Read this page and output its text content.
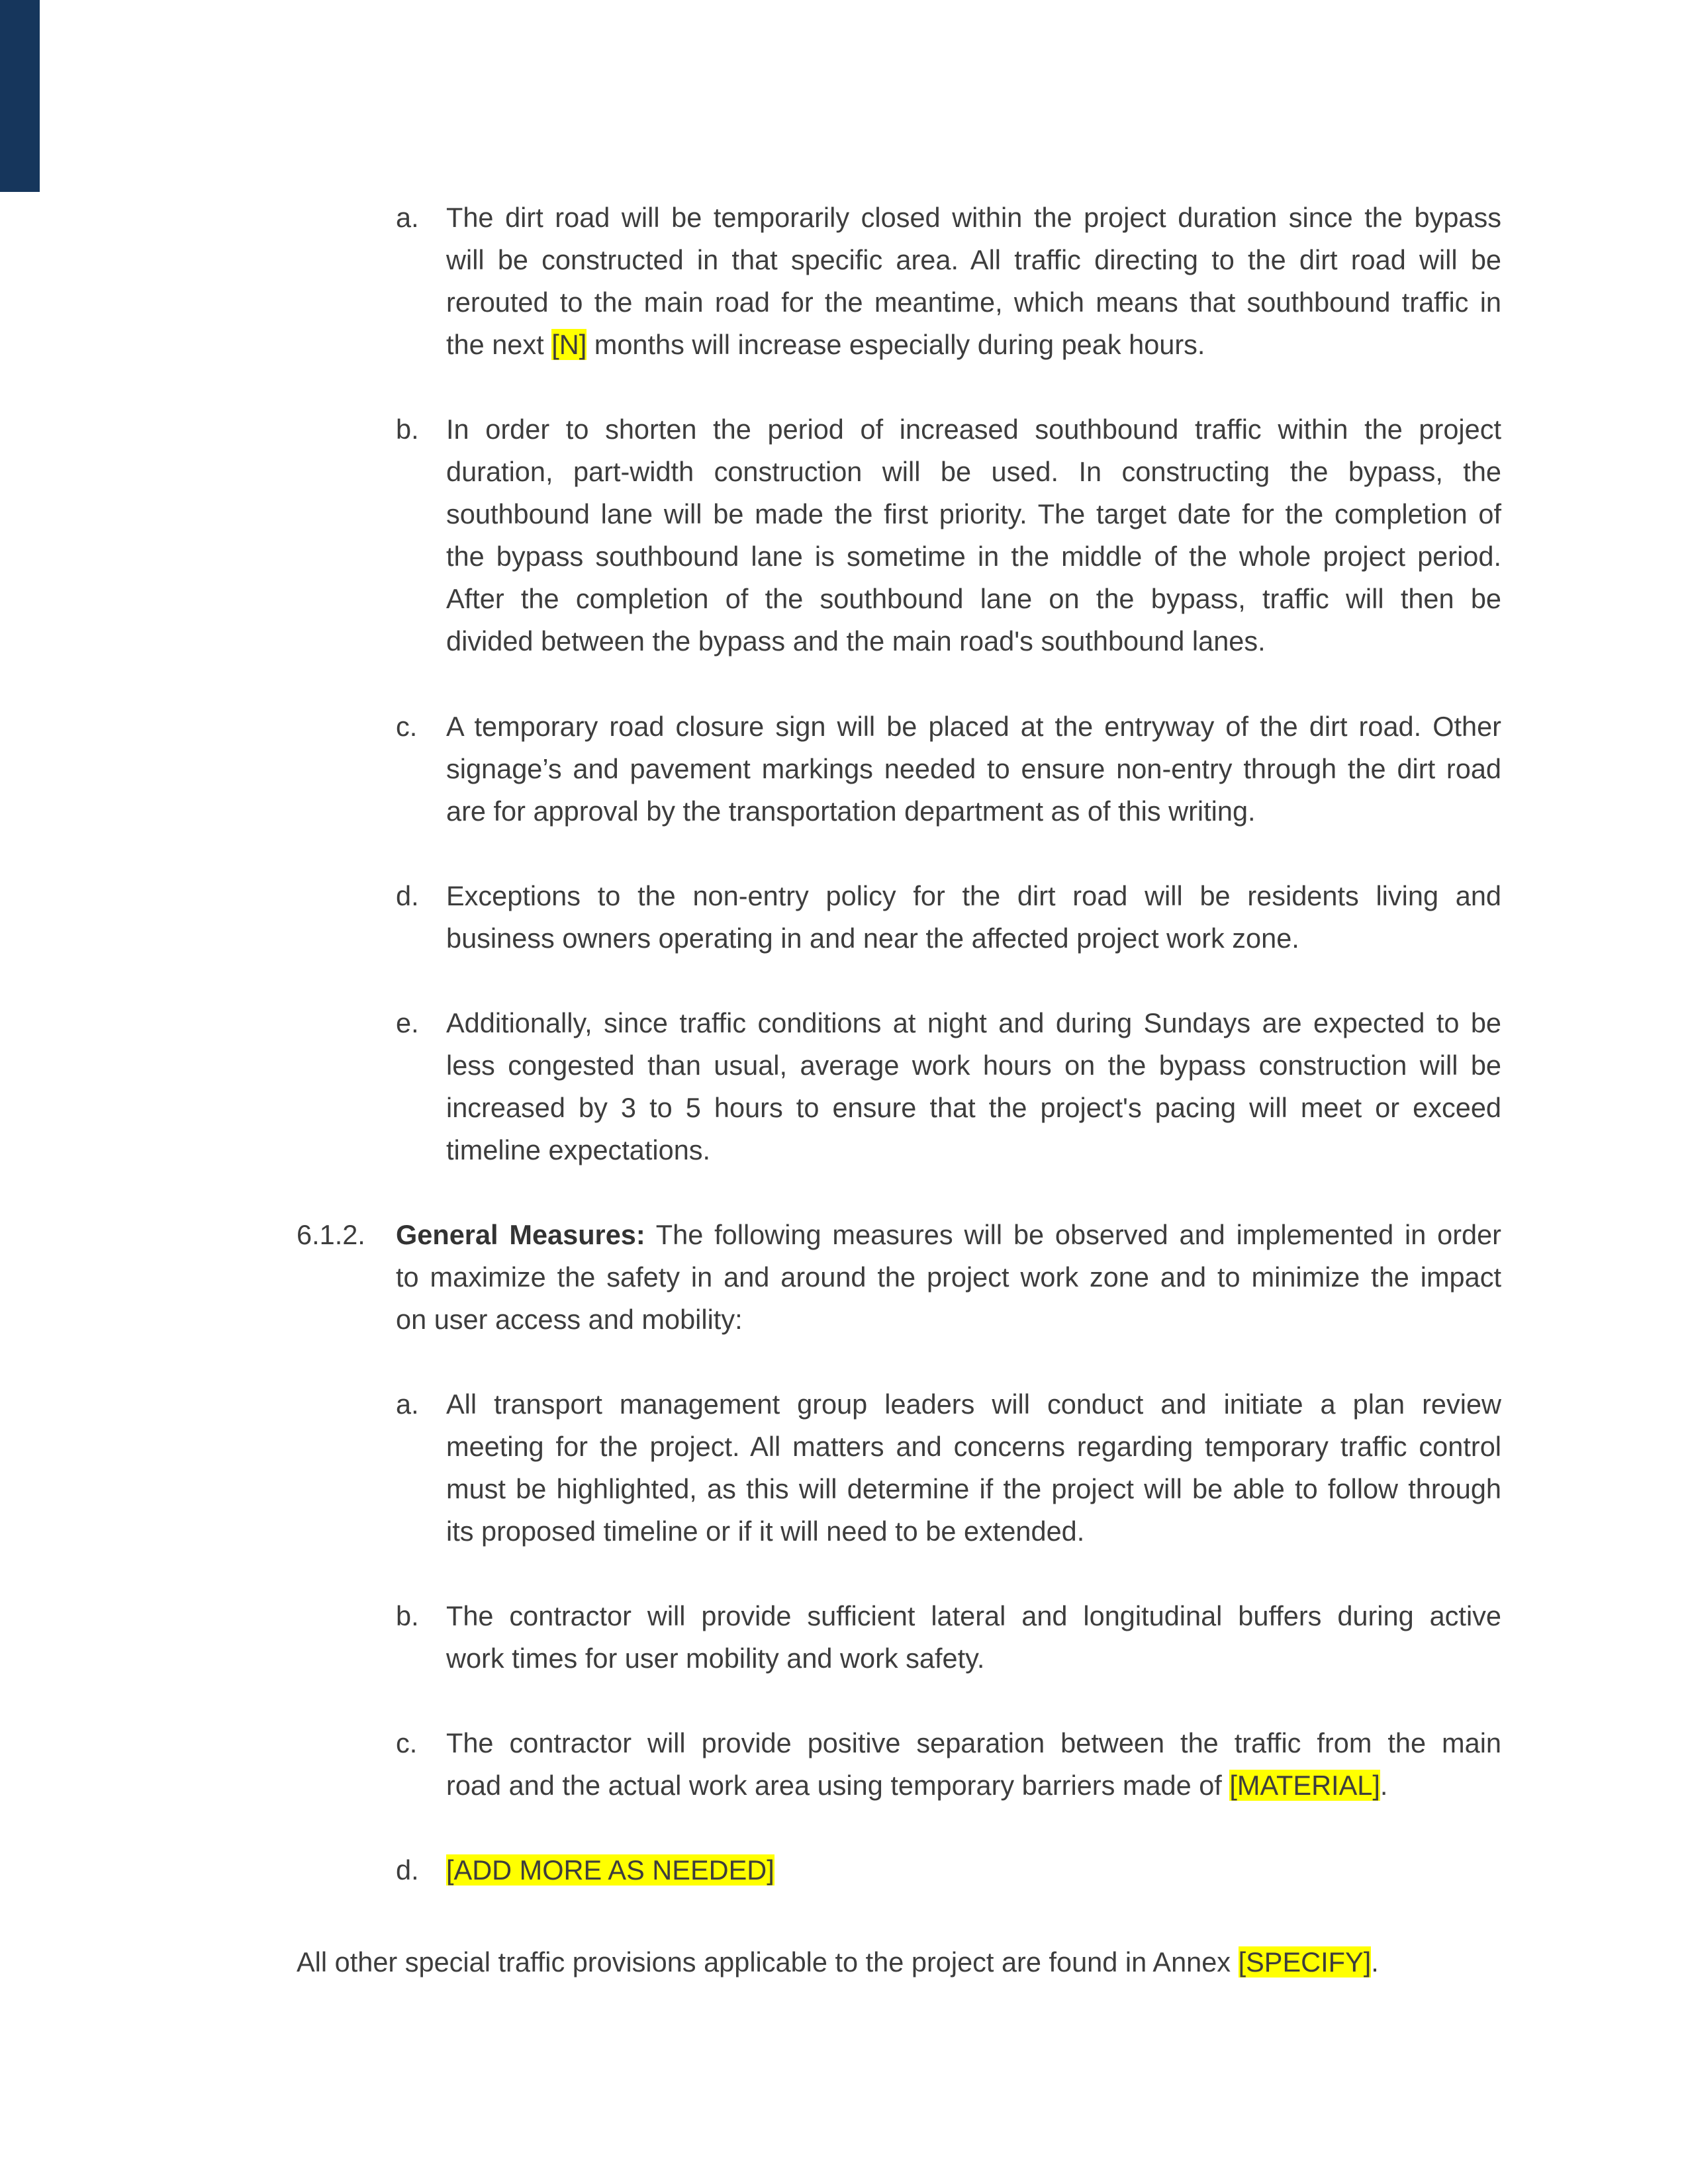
a. The dirt road will be temporarily closed within the project duration since the bypass
will be constructed in that specific area. All traffic directing to the dirt road will be
rerouted to the main road for the meantime, which means that southbound traffic in
the next [N] months will increase especially during peak hours.
b. In order to shorten the period of increased southbound traffic within the project
duration, part-width construction will be used. In constructing the bypass, the
southbound lane will be made the first priority. The target date for the completion of
the bypass southbound lane is sometime in the middle of the whole project period.
After the completion of the southbound lane on the bypass, traffic will then be
divided between the bypass and the main road's southbound lanes.
c. A temporary road closure sign will be placed at the entryway of the dirt road. Other
signage’s and pavement markings needed to ensure non-entry through the dirt road
are for approval by the transportation department as of this writing.
d. Exceptions to the non-entry policy for the dirt road will be residents living and
business owners operating in and near the affected project work zone.
e. Additionally, since traffic conditions at night and during Sundays are expected to be
less congested than usual, average work hours on the bypass construction will be
increased by 3 to 5 hours to ensure that the project's pacing will meet or exceed
timeline expectations.
6.1.2. General Measures: The following measures will be observed and implemented in order
to maximize the safety in and around the project work zone and to minimize the impact
on user access and mobility:
a. All transport management group leaders will conduct and initiate a plan review
meeting for the project. All matters and concerns regarding temporary traffic control
must be highlighted, as this will determine if the project will be able to follow through
its proposed timeline or if it will need to be extended.
b. The contractor will provide sufficient lateral and longitudinal buffers during active
work times for user mobility and work safety.
c. The contractor will provide positive separation between the traffic from the main
road and the actual work area using temporary barriers made of [MATERIAL].
d. [ADD MORE AS NEEDED]
All other special traffic provisions applicable to the project are found in Annex [SPECIFY].
